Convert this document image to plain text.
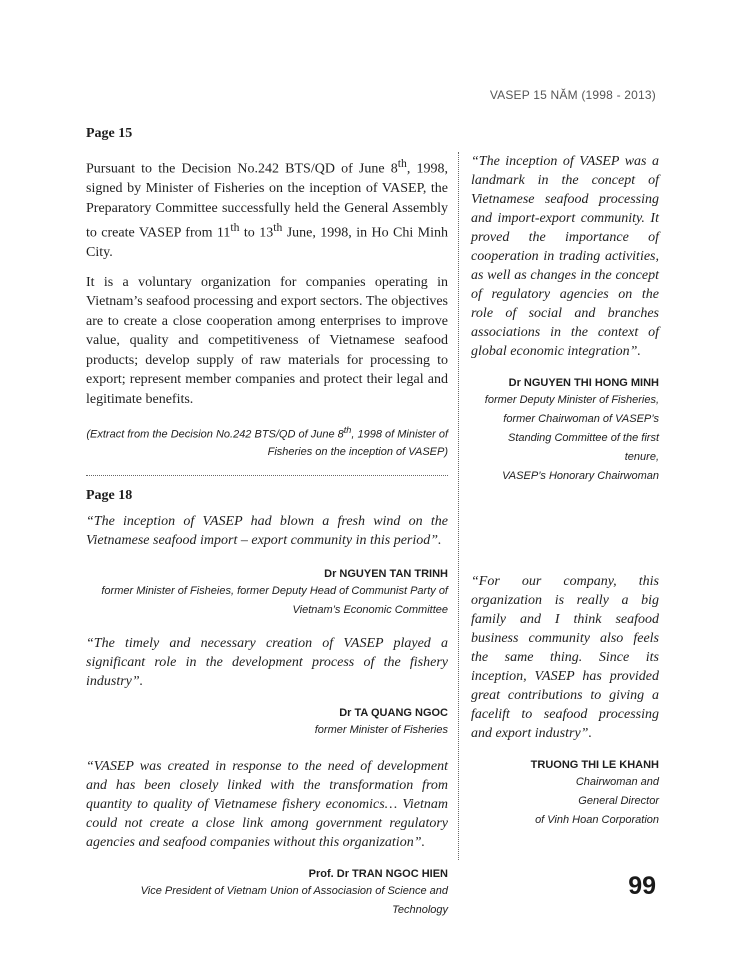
VASEP 15 NĂM (1998 - 2013)
Page 15

Pursuant to the Decision No.242 BTS/QD of June 8th, 1998, signed by Minister of Fisheries on the inception of VASEP, the Preparatory Committee successfully held the General Assembly to create VASEP from 11th to 13th June, 1998, in Ho Chi Minh City.

It is a voluntary organization for companies operating in Vietnam’s seafood processing and export sectors. The objectives are to create a close cooperation among enterprises to improve value, quality and competitiveness of Vietnamese seafood products; develop supply of raw materials for processing to export; represent member companies and protect their legal and legitimate benefits.

(Extract from the Decision No.242 BTS/QD of June 8th, 1998 of Minister of Fisheries on the inception of VASEP)

Page 18

“The inception of VASEP had blown a fresh wind on the Vietnamese seafood import – export community in this period”.

Dr NGUYEN TAN TRINH

former Minister of Fisheies, former Deputy Head of Communist Party of

Vietnam’s Economic Committee

“The timely and necessary creation of VASEP played a significant role in the development process of the fishery industry”.

Dr TA QUANG NGOC

former Minister of Fisheries

“VASEP was created in response to the need of development and has been closely linked with the transformation from quantity to quality of Vietnamese fishery economics… Vietnam could not create a close link among government regulatory agencies and seafood companies without this organization”.

Prof. Dr TRAN NGOC HIEN

Vice President of Vietnam Union of Associasion of Science and Technology

“The inception of VASEP was a landmark in the concept of Vietnamese seafood processing and import-export community. It proved the importance of cooperation in trading activities, as well as changes in the concept of regulatory agencies on the role of social and branches associations in the context of global economic integration”.

Dr NGUYEN THI HONG MINH

former Deputy Minister of Fisheries,

former Chairwoman of VASEP’s

Standing Committee of the first tenure,

VASEP’s Honorary Chairwoman

“For our company, this organization is really a big family and I think seafood business community also feels the same thing. Since its inception, VASEP has provided great contributions to giving a facelift to seafood processing and export industry”.

TRUONG THI LE KHANH

Chairwoman and

General Director

of Vinh Hoan Corporation

99
